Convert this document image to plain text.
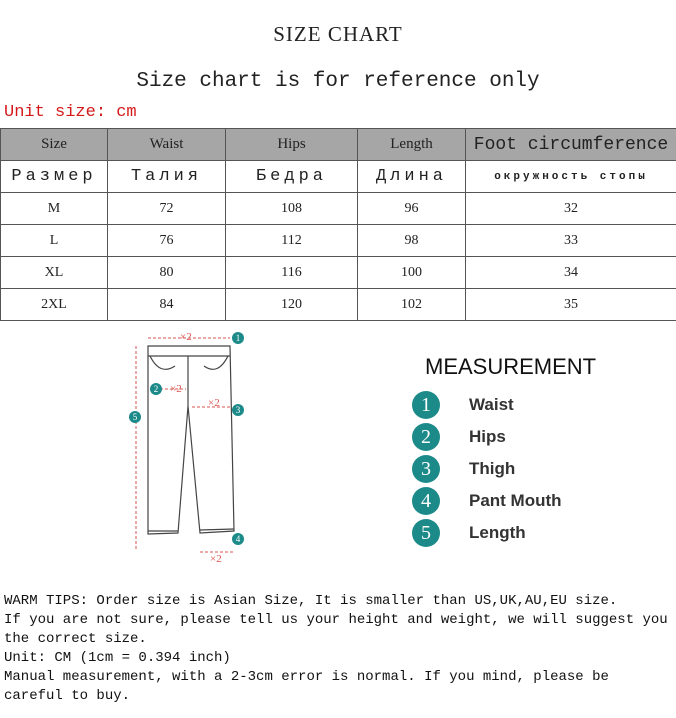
SIZE CHART
Size chart is for reference only
Unit size: cm
Size	Waist	Hips	Length	Foot circumference
Размер	Талия	Бедра	Длина	окружность стопы
M	72	108	96	32
L	76	112	98	33
XL	80	116	100	34
2XL	84	120	102	35
×2
×2
×2
×2
1
2
3
4
5
MEASUREMENT
1	Waist
2	Hips
3	Thigh
4	Pant Mouth
5	Length

WARM TIPS: Order size is Asian Size, It is smaller than US,UK,AU,EU size.

If you are not sure, please tell us your height and weight, we will suggest you the correct size.

Unit: CM (1cm = 0.394 inch)

Manual measurement, with a 2-3cm error is normal. If you mind, please be careful to buy.
